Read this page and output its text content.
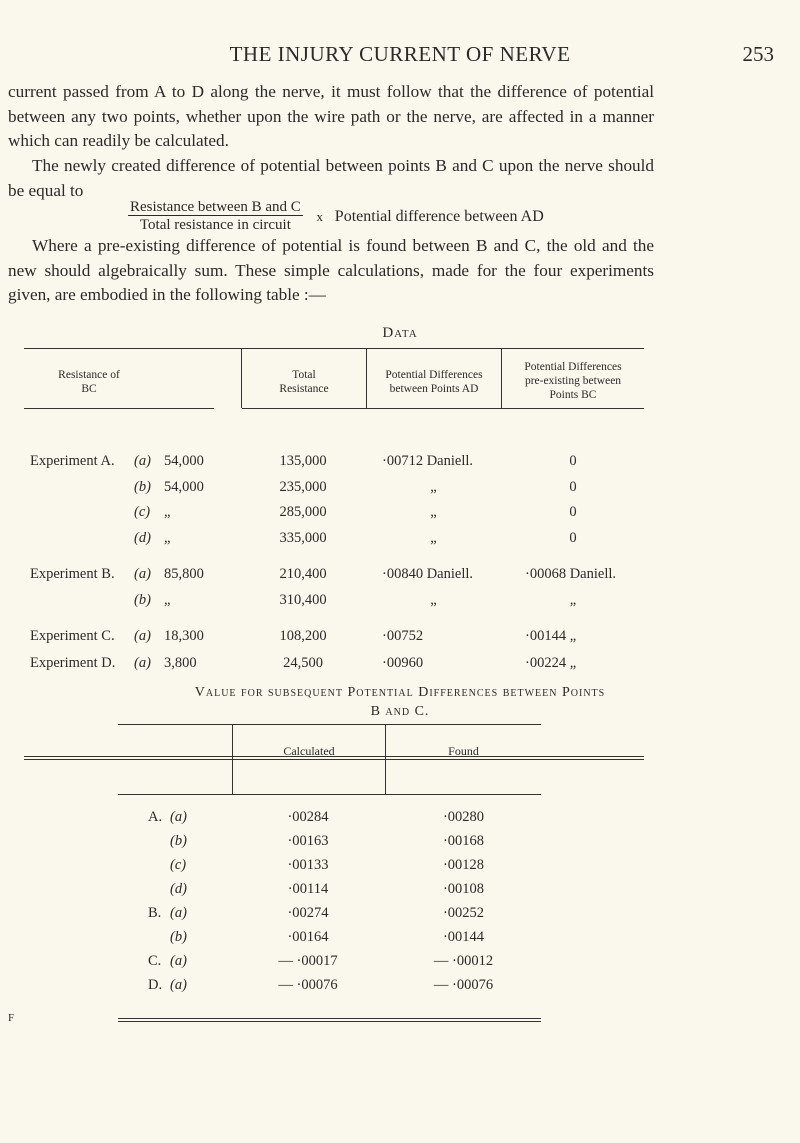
THE INJURY CURRENT OF NERVE	253
current passed from A to D along the nerve, it must follow that the difference of potential between any two points, whether upon the wire path or the nerve, are affected in a manner which can readily be calculated.
The newly created difference of potential between points B and C upon the nerve should be equal to
$\frac{\text{Resistance between B and C}}{\text{Total resistance in circuit}}$ x Potential difference between AD
Where a pre-existing difference of potential is found between B and C, the old and the new should algebraically sum. These simple calculations, made for the four experiments given, are embodied in the following table :—
Data
Resistance of
BC
Total
Resistance
Potential Differences
between Points AD
Potential Differences
pre-existing between
Points BC
Experiment A. (a) 54,000	135,000	·00712 Daniell.	0
(b) 54,000	235,000	„	0
(c) „	285,000	„	0
(d) „	335,000	„	0
Experiment B. (a) 85,800	210,400	·00840 Daniell.	·00068 Daniell.
(b) „	310,400	„	„
Experiment C. (a) 18,300	108,200	·00752	·00144 „
Experiment D. (a) 3,800	24,500	·00960	·00224 „
Value for subsequent Potential Differences between Points
B and C.
Calculated	Found
A. (a)	·00284	·00280
(b)	·00163	·00168
(c)	·00133	·00128
(d)	·00114	·00108
B. (a)	·00274	·00252
(b)	·00164	·00144
C. (a)	— ·00017	— ·00012
D. (a)	— ·00076	— ·00076
F
